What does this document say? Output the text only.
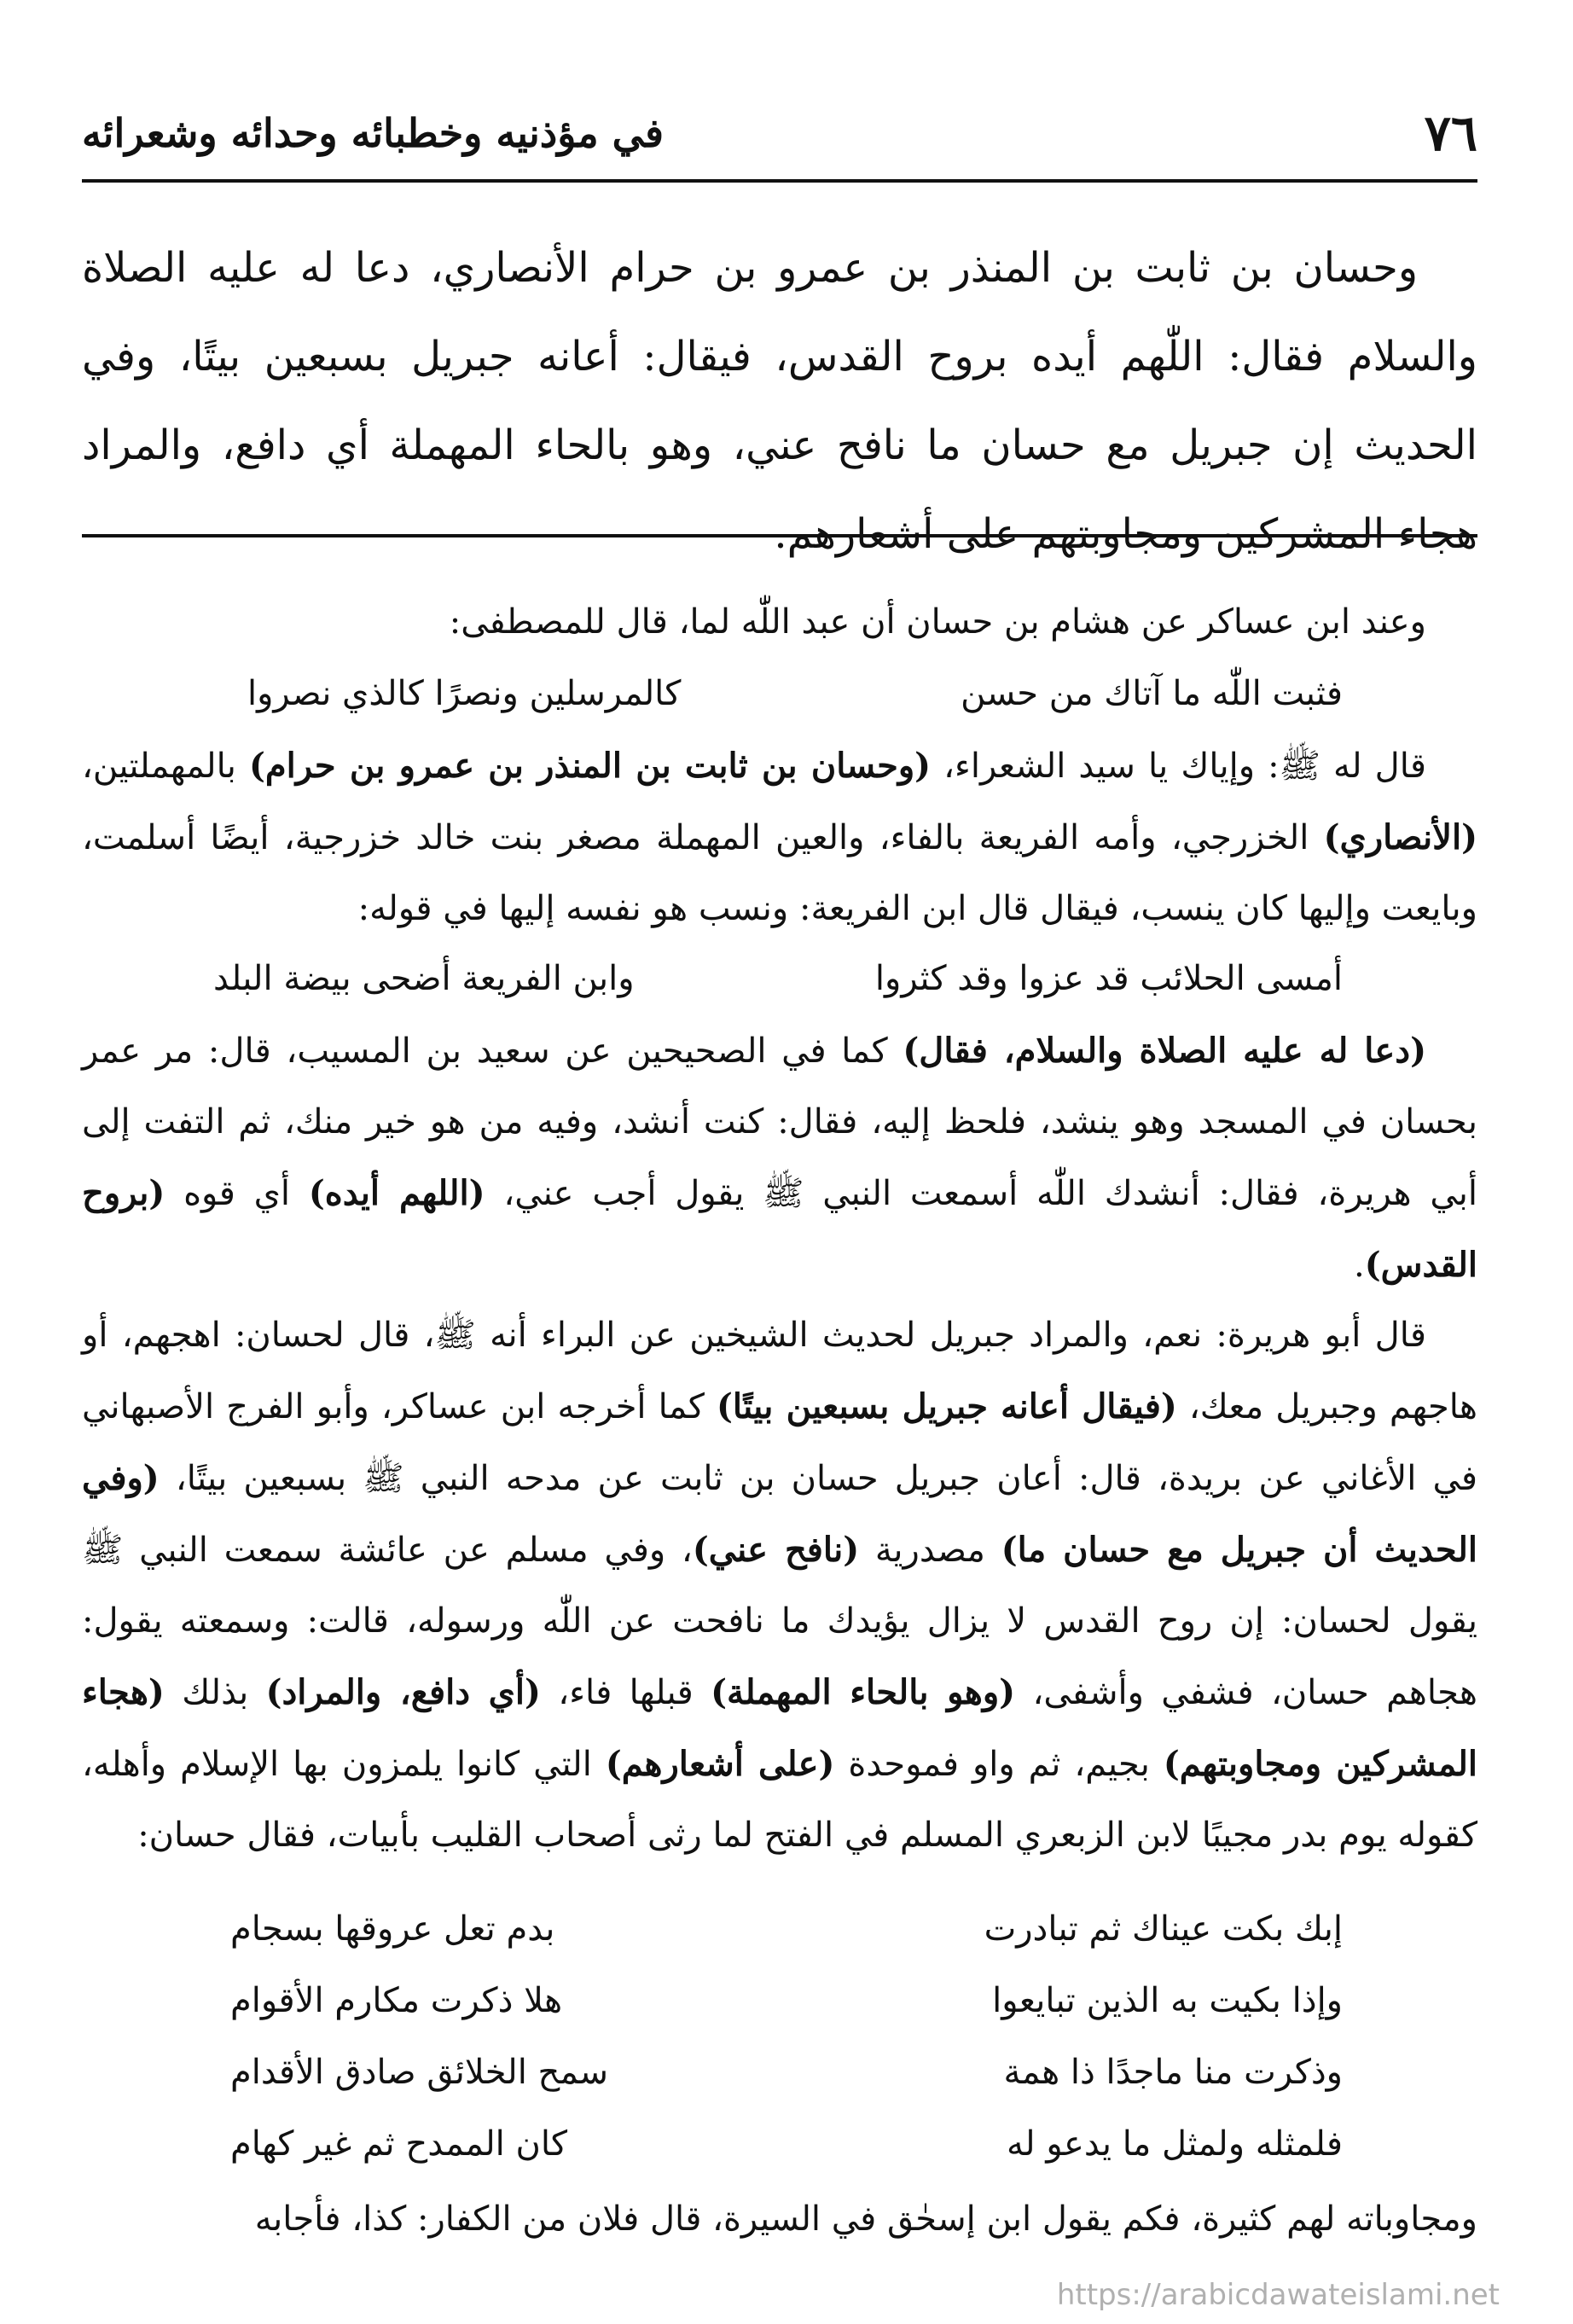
٧٦
في مؤذنيه وخطبائه وحدائه وشعرائه
وحسان بن ثابت بن المنذر بن عمرو بن حرام الأنصاري، دعا له عليه الصلاة والسلام فقال: اللّٰهم أيده بروح القدس، فيقال: أعانه جبريل بسبعين بيتًا، وفي الحديث إن جبريل مع حسان ما نافح عني، وهو بالحاء المهملة أي دافع، والمراد هجاء المشركين ومجاوبتهم على أشعارهم.
وعند ابن عساكر عن هشام بن حسان أن عبد اللّٰه لما، قال للمصطفى:
فثبت اللّٰه ما آتاك من حسن
كالمرسلين ونصرًا كالذي نصروا
قال له ﷺ: وإياك يا سيد الشعراء، (وحسان بن ثابت بن المنذر بن عمرو بن حرام) بالمهملتين، (الأنصاري) الخزرجي، وأمه الفريعة بالفاء، والعين المهملة مصغر بنت خالد خزرجية، أيضًا أسلمت، وبايعت وإليها كان ينسب، فيقال قال ابن الفريعة: ونسب هو نفسه إليها في قوله:
أمسى الحلائب قد عزوا وقد كثروا
وابن الفريعة أضحى بيضة البلد
(دعا له عليه الصلاة والسلام، فقال) كما في الصحيحين عن سعيد بن المسيب، قال: مر عمر بحسان في المسجد وهو ينشد، فلحظ إليه، فقال: كنت أنشد، وفيه من هو خير منك، ثم التفت إلى أبي هريرة، فقال: أنشدك اللّٰه أسمعت النبي ﷺ يقول أجب عني، (اللهم أيده) أي قوه (بروح القدس).
قال أبو هريرة: نعم، والمراد جبريل لحديث الشيخين عن البراء أنه ﷺ، قال لحسان: اهجهم، أو هاجهم وجبريل معك، (فيقال أعانه جبريل بسبعين بيتًا) كما أخرجه ابن عساكر، وأبو الفرج الأصبهاني في الأغاني عن بريدة، قال: أعان جبريل حسان بن ثابت عن مدحه النبي ﷺ بسبعين بيتًا، (وفي الحديث أن جبريل مع حسان ما) مصدرية (نافح عني)، وفي مسلم عن عائشة سمعت النبي ﷺ يقول لحسان: إن روح القدس لا يزال يؤيدك ما نافحت عن اللّٰه ورسوله، قالت: وسمعته يقول: هجاهم حسان، فشفي وأشفى، (وهو بالحاء المهملة) قبلها فاء، (أي دافع، والمراد) بذلك (هجاء المشركين ومجاوبتهم) بجيم، ثم واو فموحدة (على أشعارهم) التي كانوا يلمزون بها الإسلام وأهله، كقوله يوم بدر مجيبًا لابن الزبعري المسلم في الفتح لما رثى أصحاب القليب بأبيات، فقال حسان:
إبك بكت عيناك ثم تبادرت
بدم تعل عروقها بسجام
وإذا بكيت به الذين تبايعوا
هلا ذكرت مكارم الأقوام
وذكرت منا ماجدًا ذا همة
سمح الخلائق صادق الأقدام
فلمثله ولمثل ما يدعو له
كان الممدح ثم غير كهام
ومجاوباته لهم كثيرة، فكم يقول ابن إسحٰق في السيرة، قال فلان من الكفار: كذا، فأجابه
https://arabicdawateislami.net
